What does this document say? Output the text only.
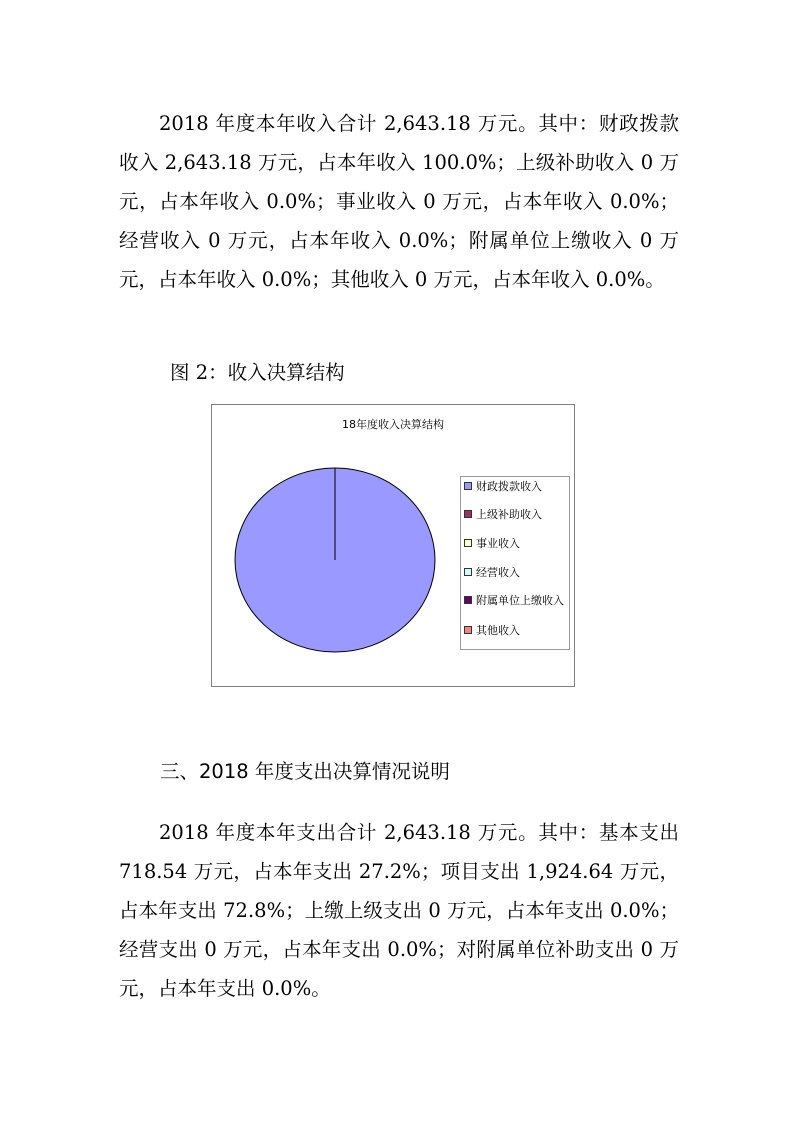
2018 年度本年收入合计 2,643.18 万元。其中：财政拨款收入 2,643.18 万元，占本年收入 100.0%；上级补助收入 0 万元，占本年收入 0.0%；事业收入 0 万元，占本年收入 0.0%；经营收入 0 万元，占本年收入 0.0%；附属单位上缴收入 0 万元，占本年收入 0.0%；其他收入 0 万元，占本年收入 0.0%。

图 2：收入决算结构
18年度收入决算结构
财政拨款收入
上级补助收入
事业收入
经营收入
附属单位上缴收入
其他收入
三、2018 年度支出决算情况说明

2018 年度本年支出合计 2,643.18 万元。其中：基本支出 718.54 万元，占本年支出 27.2%；项目支出 1,924.64 万元，占本年支出 72.8%；上缴上级支出 0 万元，占本年支出 0.0%；经营支出 0 万元，占本年支出 0.0%；对附属单位补助支出 0 万元，占本年支出 0.0%。
